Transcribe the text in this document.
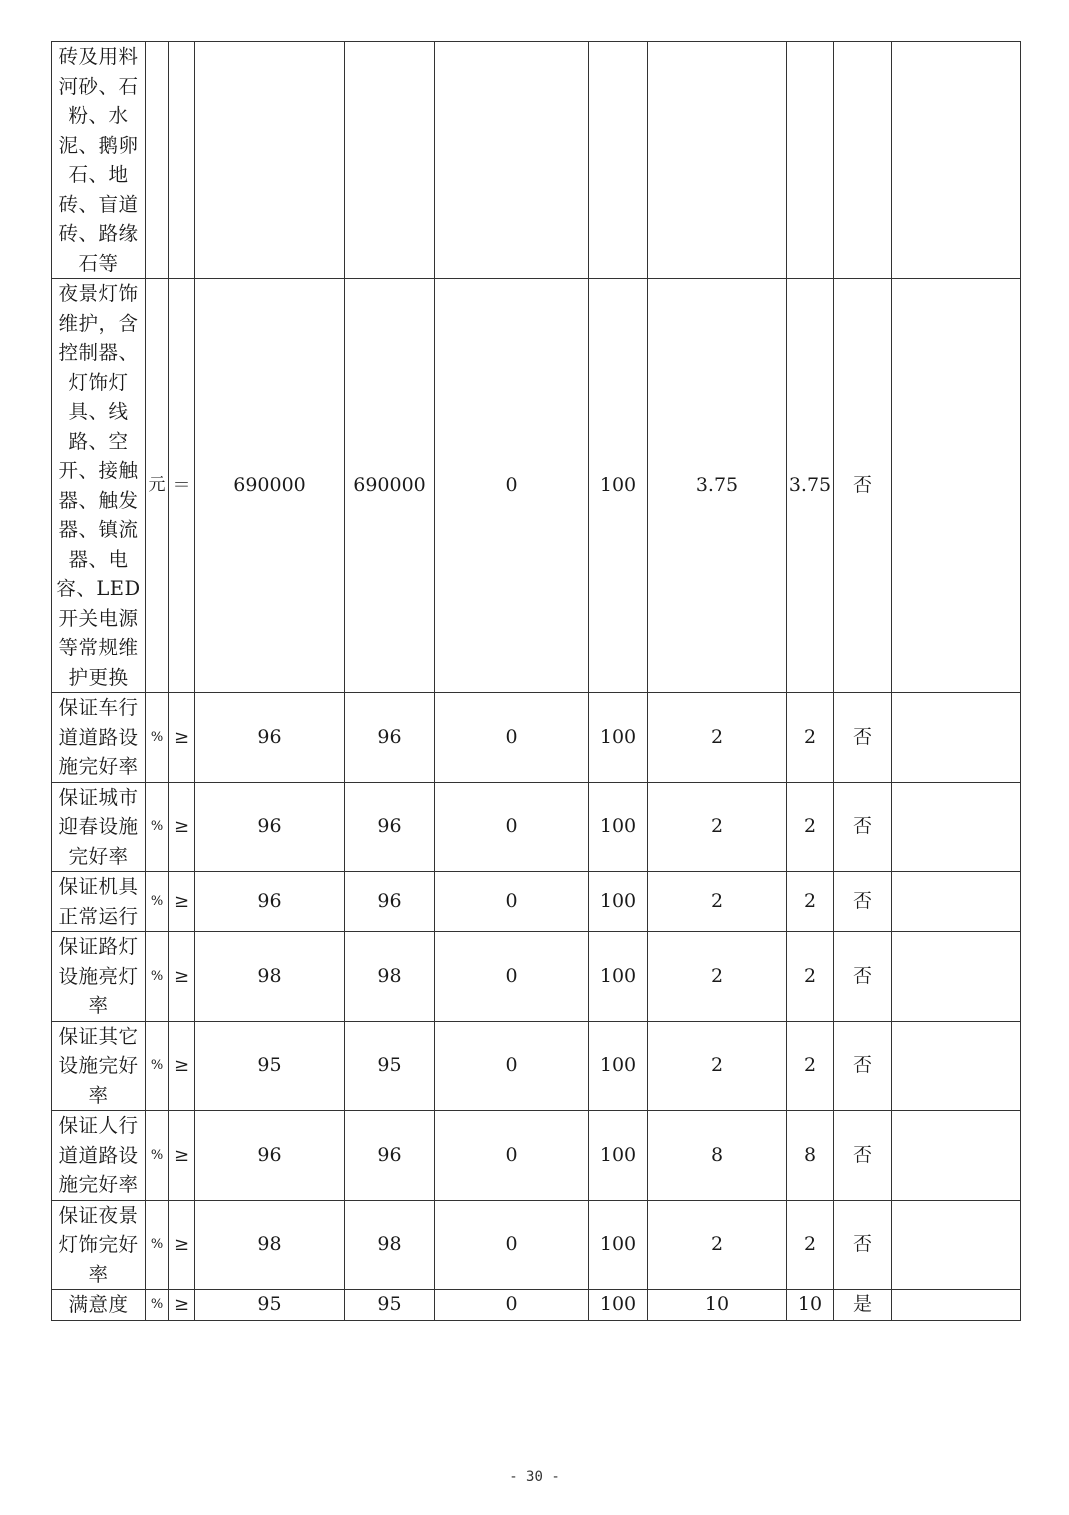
砖及用料河砂、石粉、水泥、鹅卵石、地砖、盲道砖、路缘石等										
夜景灯饰维护，含控制器、灯饰灯具、线路、空开、接触器、触发器、镇流器、电容、LED开关电源等常规维护更换	元	＝	690000	690000	0	100	3.75	3.75	否	
保证车行道道路设施完好率	%	≥	96	96	0	100	2	2	否	
保证城市迎春设施完好率	%	≥	96	96	0	100	2	2	否	
保证机具正常运行	%	≥	96	96	0	100	2	2	否	
保证路灯设施亮灯率	%	≥	98	98	0	100	2	2	否	
保证其它设施完好率	%	≥	95	95	0	100	2	2	否	
保证人行道道路设施完好率	%	≥	96	96	0	100	8	8	否	
保证夜景灯饰完好率	%	≥	98	98	0	100	2	2	否	
满意度	%	≥	95	95	0	100	10	10	是	
- 30 -
